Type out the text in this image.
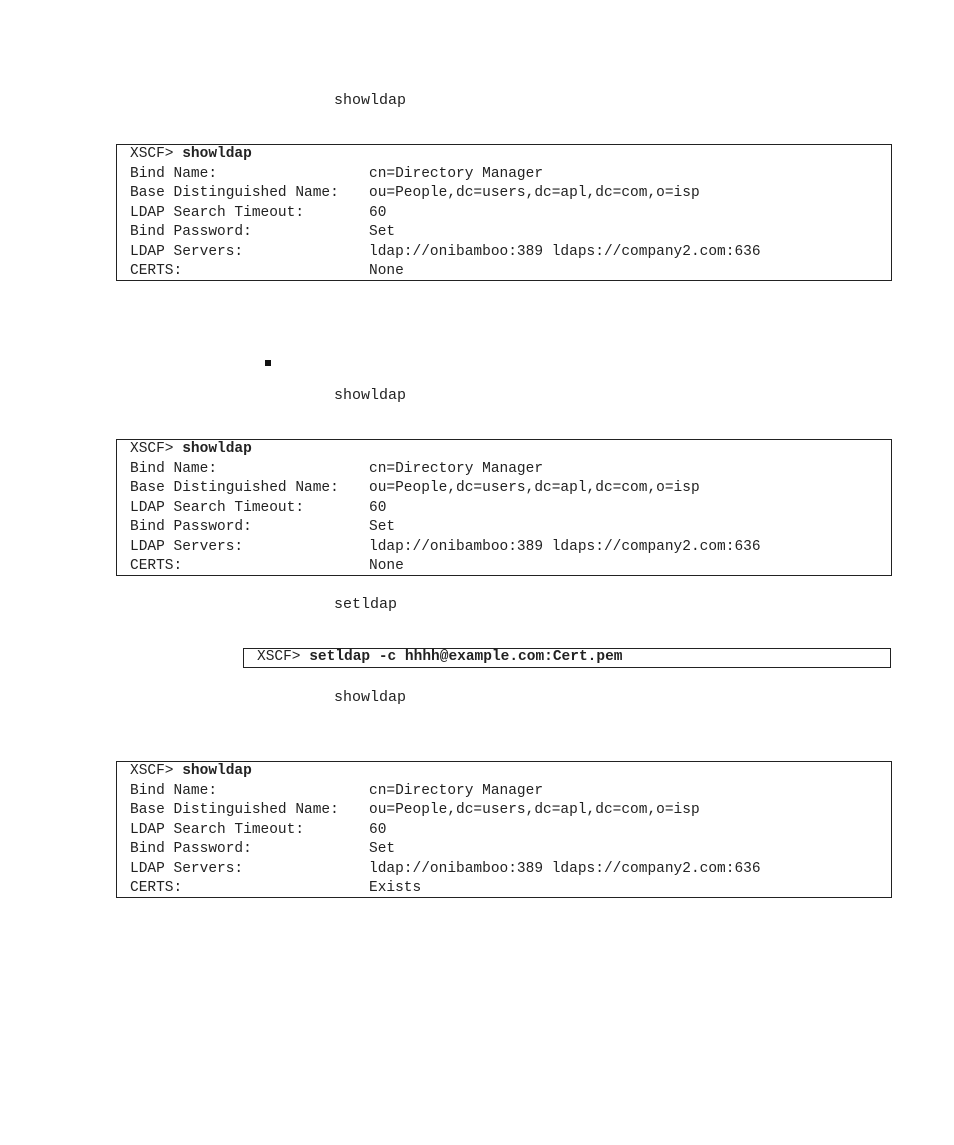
showldap
XSCF> showldap
Bind Name:	cn=Directory Manager
Base Distinguished Name:	ou=People,dc=users,dc=apl,dc=com,o=isp
LDAP Search Timeout:	60
Bind Password:	Set
LDAP Servers:	ldap://onibamboo:389 ldaps://company2.com:636
CERTS:	None
showldap
XSCF> showldap
Bind Name:	cn=Directory Manager
Base Distinguished Name:	ou=People,dc=users,dc=apl,dc=com,o=isp
LDAP Search Timeout:	60
Bind Password:	Set
LDAP Servers:	ldap://onibamboo:389 ldaps://company2.com:636
CERTS:	None
setldap
XSCF> setldap -c hhhh@example.com:Cert.pem
showldap
XSCF> showldap
Bind Name:	cn=Directory Manager
Base Distinguished Name:	ou=People,dc=users,dc=apl,dc=com,o=isp
LDAP Search Timeout:	60
Bind Password:	Set
LDAP Servers:	ldap://onibamboo:389 ldaps://company2.com:636
CERTS:	Exists
